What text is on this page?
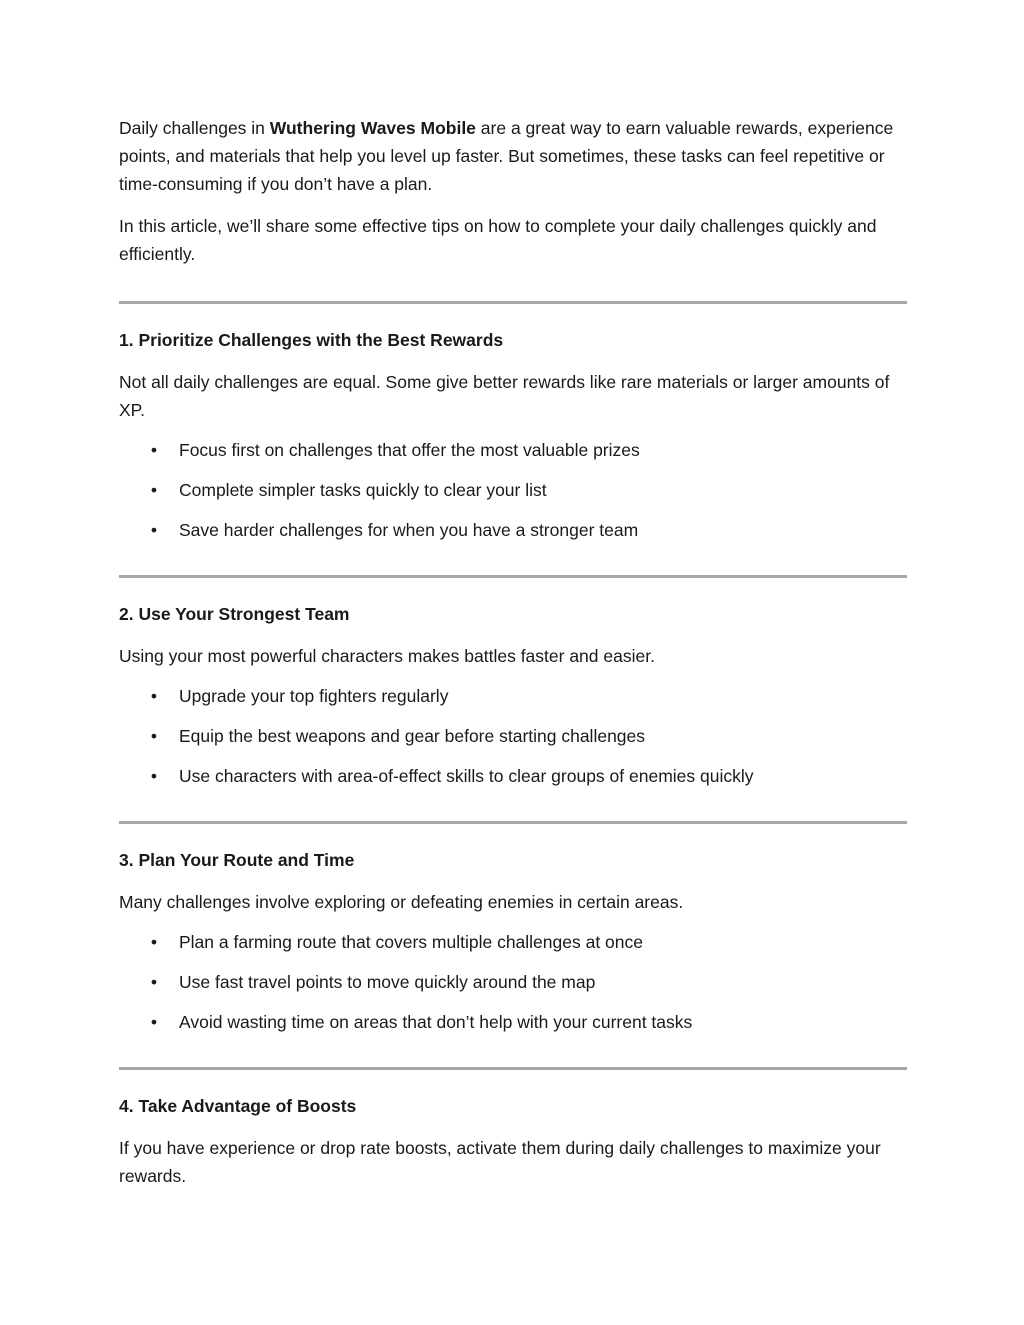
Daily challenges in Wuthering Waves Mobile are a great way to earn valuable rewards, experience points, and materials that help you level up faster. But sometimes, these tasks can feel repetitive or time-consuming if you don’t have a plan.

In this article, we’ll share some effective tips on how to complete your daily challenges quickly and efficiently.

1. Prioritize Challenges with the Best Rewards

Not all daily challenges are equal. Some give better rewards like rare materials or larger amounts of XP.

• Focus first on challenges that offer the most valuable prizes
• Complete simpler tasks quickly to clear your list
• Save harder challenges for when you have a stronger team
2. Use Your Strongest Team

Using your most powerful characters makes battles faster and easier.

• Upgrade your top fighters regularly
• Equip the best weapons and gear before starting challenges
• Use characters with area-of-effect skills to clear groups of enemies quickly
3. Plan Your Route and Time

Many challenges involve exploring or defeating enemies in certain areas.

• Plan a farming route that covers multiple challenges at once
• Use fast travel points to move quickly around the map
• Avoid wasting time on areas that don’t help with your current tasks
4. Take Advantage of Boosts

If you have experience or drop rate boosts, activate them during daily challenges to maximize your rewards.
